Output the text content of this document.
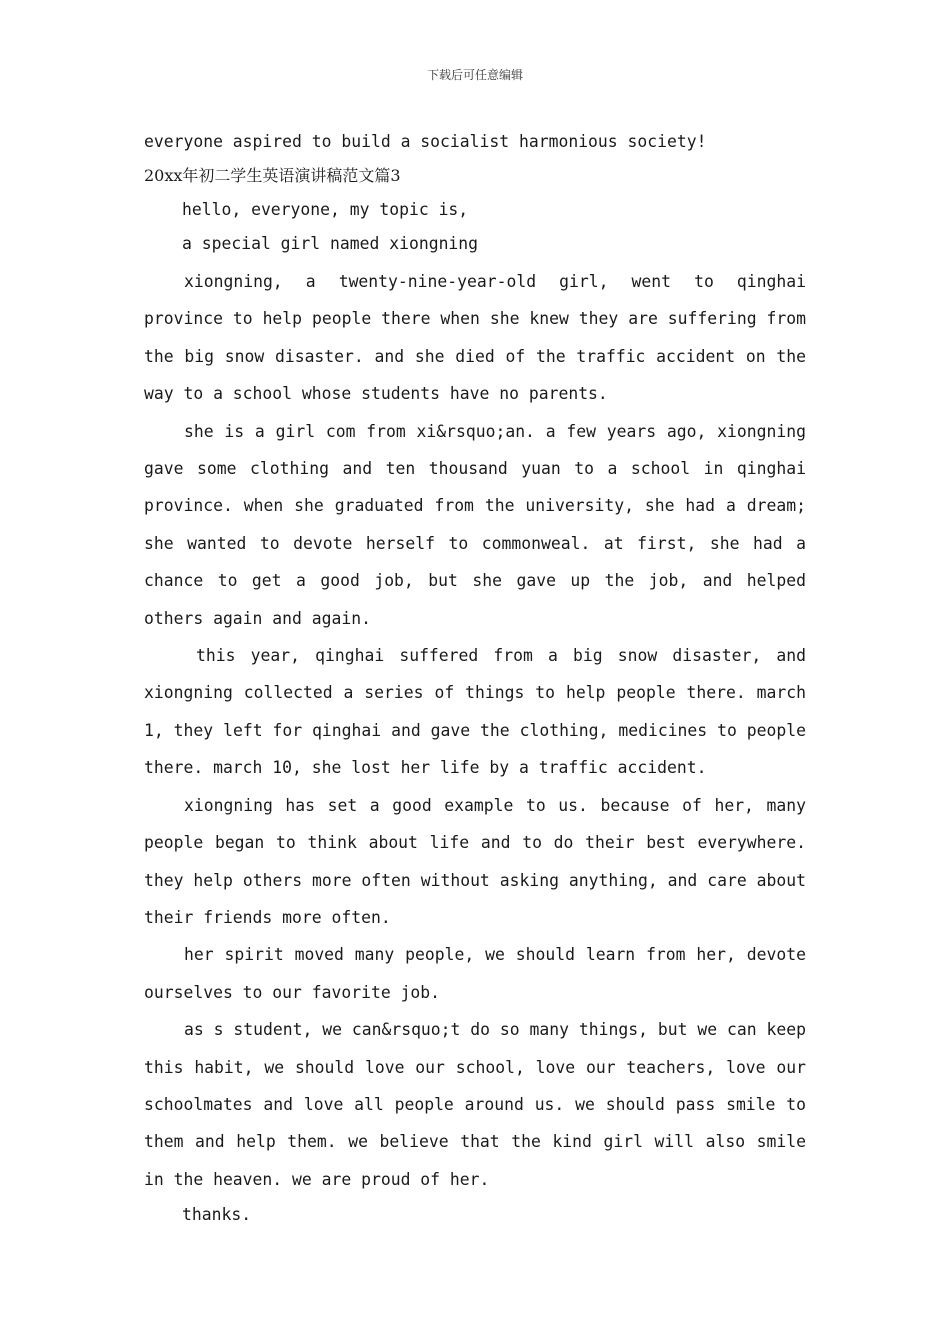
下载后可任意编辑

everyone aspired to build a socialist harmonious society!

20xx年初二学生英语演讲稿范文篇3

hello, everyone, my topic is,

a special girl named xiongning

xiongning, a twenty-nine-year-old girl, went to qinghai province to help people there when she knew they are suffering from the big snow disaster. and she died of the traffic accident on the way to a school whose students have no parents.

she is a girl com from xi&rsquo;an. a few years ago, xiongning gave some clothing and ten thousand yuan to a school in qinghai province. when she graduated from the university, she had a dream; she wanted to devote herself to commonweal. at first, she had a chance to get a good job, but she gave up the job, and helped others again and again.

this year, qinghai suffered from a big snow disaster, and xiongning collected a series of things to help people there. march 1, they left for qinghai and gave the clothing, medicines to people there. march 10, she lost her life by a traffic accident.

xiongning has set a good example to us. because of her, many people began to think about life and to do their best everywhere. they help others more often without asking anything, and care about their friends more often.

her spirit moved many people, we should learn from her, devote ourselves to our favorite job.

as s student, we can&rsquo;t do so many things, but we can keep this habit, we should love our school, love our teachers, love our schoolmates and love all people around us. we should pass smile to them and help them. we believe that the kind girl will also smile in the heaven. we are proud of her.

thanks.
